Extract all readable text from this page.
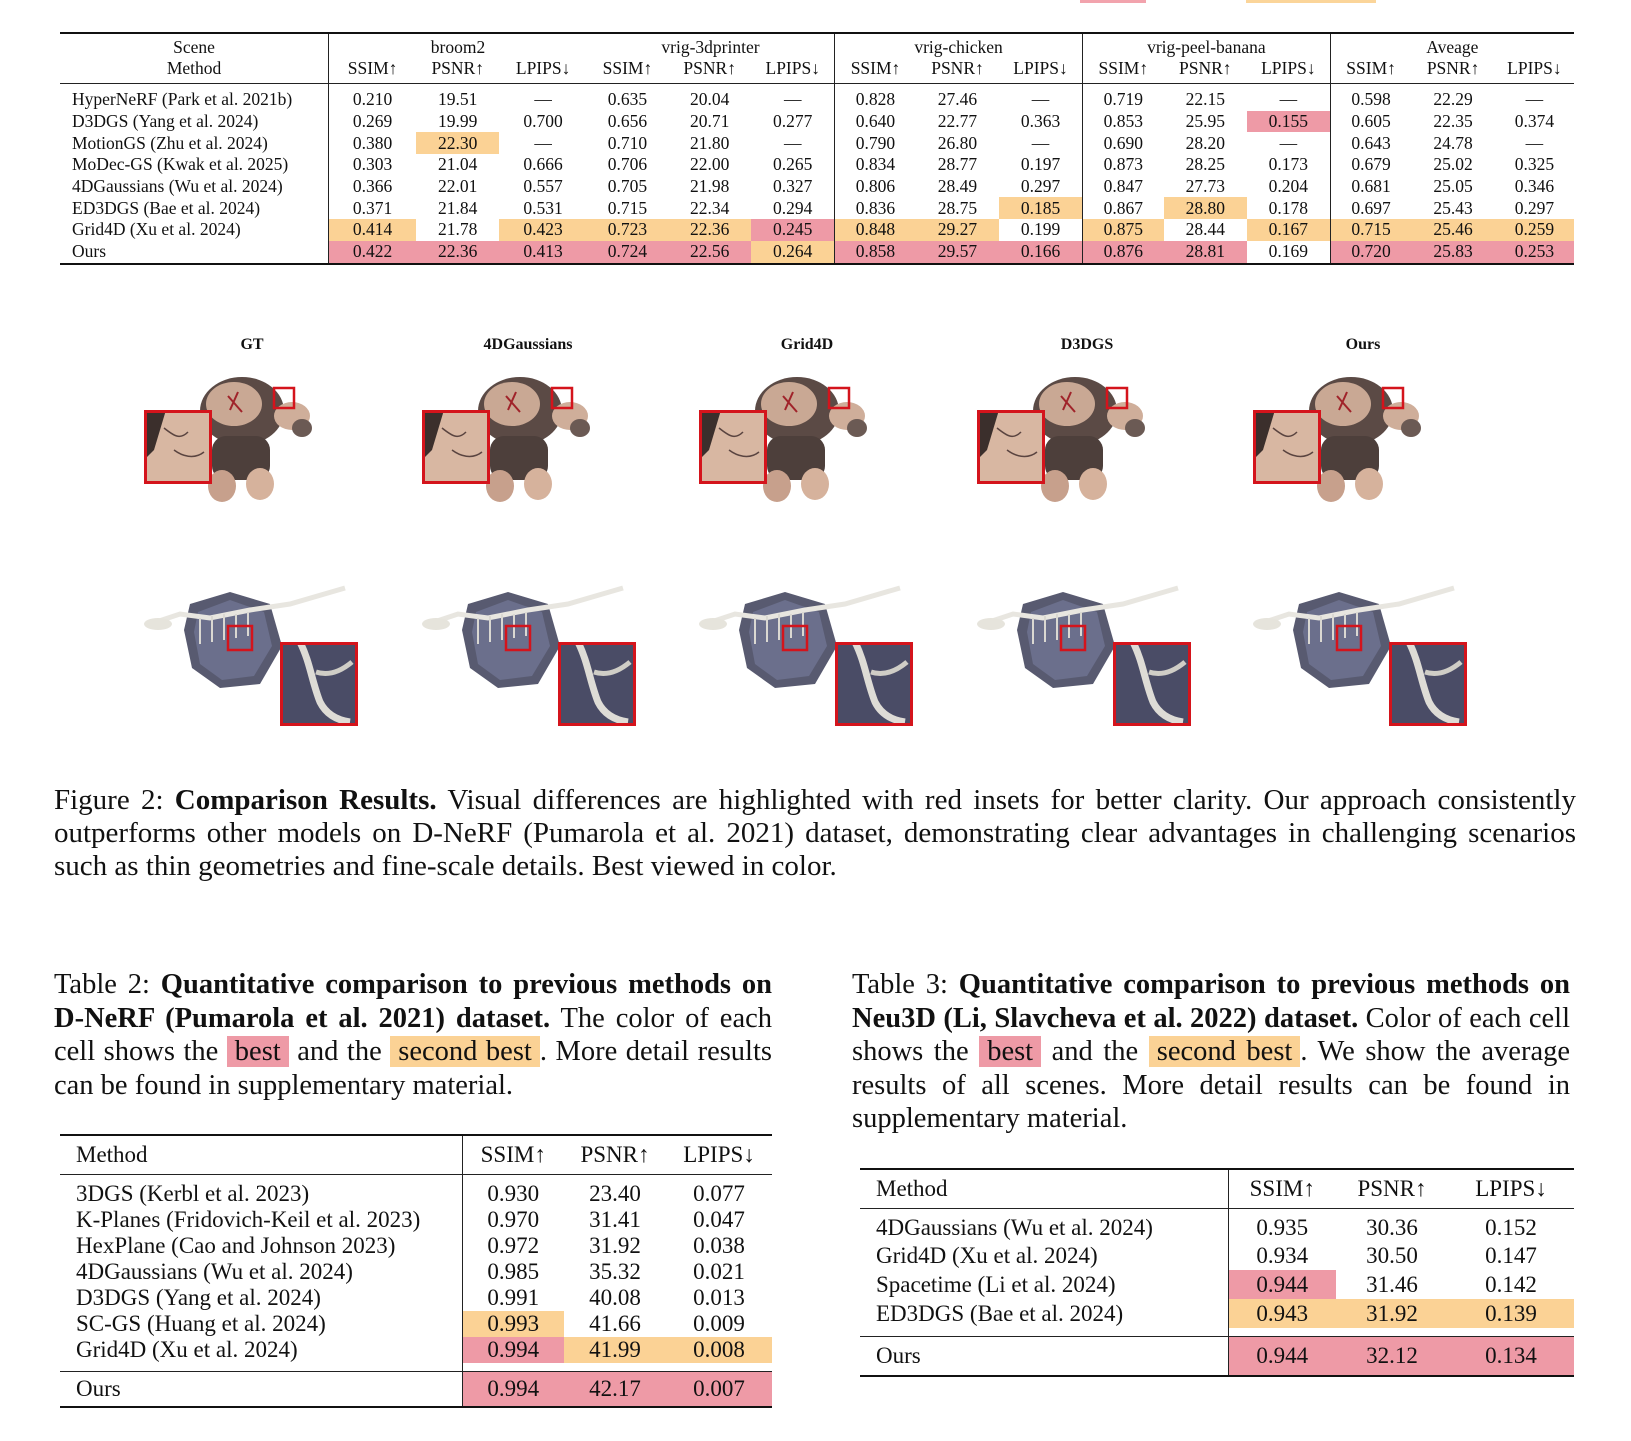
Scene	broom2			vrig-3dprinter			vrig-chicken			vrig-peel-banana			Aveage		
Method	SSIM↑	PSNR↑	LPIPS↓	SSIM↑	PSNR↑	LPIPS↓	SSIM↑	PSNR↑	LPIPS↓	SSIM↑	PSNR↑	LPIPS↓	SSIM↑	PSNR↑	LPIPS↓
HyperNeRF (Park et al. 2021b)	0.210	19.51	—	0.635	20.04	—	0.828	27.46	—	0.719	22.15	—	0.598	22.29	—
D3DGS (Yang et al. 2024)	0.269	19.99	0.700	0.656	20.71	0.277	0.640	22.77	0.363	0.853	25.95	0.155	0.605	22.35	0.374
MotionGS (Zhu et al. 2024)	0.380	22.30	—	0.710	21.80	—	0.790	26.80	—	0.690	28.20	—	0.643	24.78	—
MoDec-GS (Kwak et al. 2025)	0.303	21.04	0.666	0.706	22.00	0.265	0.834	28.77	0.197	0.873	28.25	0.173	0.679	25.02	0.325
4DGaussians (Wu et al. 2024)	0.366	22.01	0.557	0.705	21.98	0.327	0.806	28.49	0.297	0.847	27.73	0.204	0.681	25.05	0.346
ED3DGS (Bae et al. 2024)	0.371	21.84	0.531	0.715	22.34	0.294	0.836	28.75	0.185	0.867	28.80	0.178	0.697	25.43	0.297
Grid4D (Xu et al. 2024)	0.414	21.78	0.423	0.723	22.36	0.245	0.848	29.27	0.199	0.875	28.44	0.167	0.715	25.46	0.259
Ours	0.422	22.36	0.413	0.724	22.56	0.264	0.858	29.57	0.166	0.876	28.81	0.169	0.720	25.83	0.253
GT	4DGaussians	Grid4D	D3DGS	Ours
Figure 2: Comparison Results. Visual differences are highlighted with red insets for better clarity. Our approach consistently outperforms other models on D-NeRF (Pumarola et al. 2021) dataset, demonstrating clear advantages in challenging scenarios such as thin geometries and fine-scale details. Best viewed in color.
Table 2: Quantitative comparison to previous methods on D-NeRF (Pumarola et al. 2021) dataset. The color of each cell shows the best and the second best . More detail results can be found in supplementary material.
Method	SSIM↑	PSNR↑	LPIPS↓
3DGS (Kerbl et al. 2023)	0.930	23.40	0.077
K-Planes (Fridovich-Keil et al. 2023)	0.970	31.41	0.047
HexPlane (Cao and Johnson 2023)	0.972	31.92	0.038
4DGaussians (Wu et al. 2024)	0.985	35.32	0.021
D3DGS (Yang et al. 2024)	0.991	40.08	0.013
SC-GS (Huang et al. 2024)	0.993	41.66	0.009
Grid4D (Xu et al. 2024)	0.994	41.99	0.008

Ours	0.994	42.17	0.007
Table 3: Quantitative comparison to previous methods on Neu3D (Li, Slavcheva et al. 2022) dataset. Color of each cell shows the best and the second best . We show the average results of all scenes. More detail results can be found in supplementary material.
Method	SSIM↑	PSNR↑	LPIPS↓
4DGaussians (Wu et al. 2024)	0.935	30.36	0.152
Grid4D (Xu et al. 2024)	0.934	30.50	0.147
Spacetime (Li et al. 2024)	0.944	31.46	0.142
ED3DGS (Bae et al. 2024)	0.943	31.92	0.139

Ours	0.944	32.12	0.134
